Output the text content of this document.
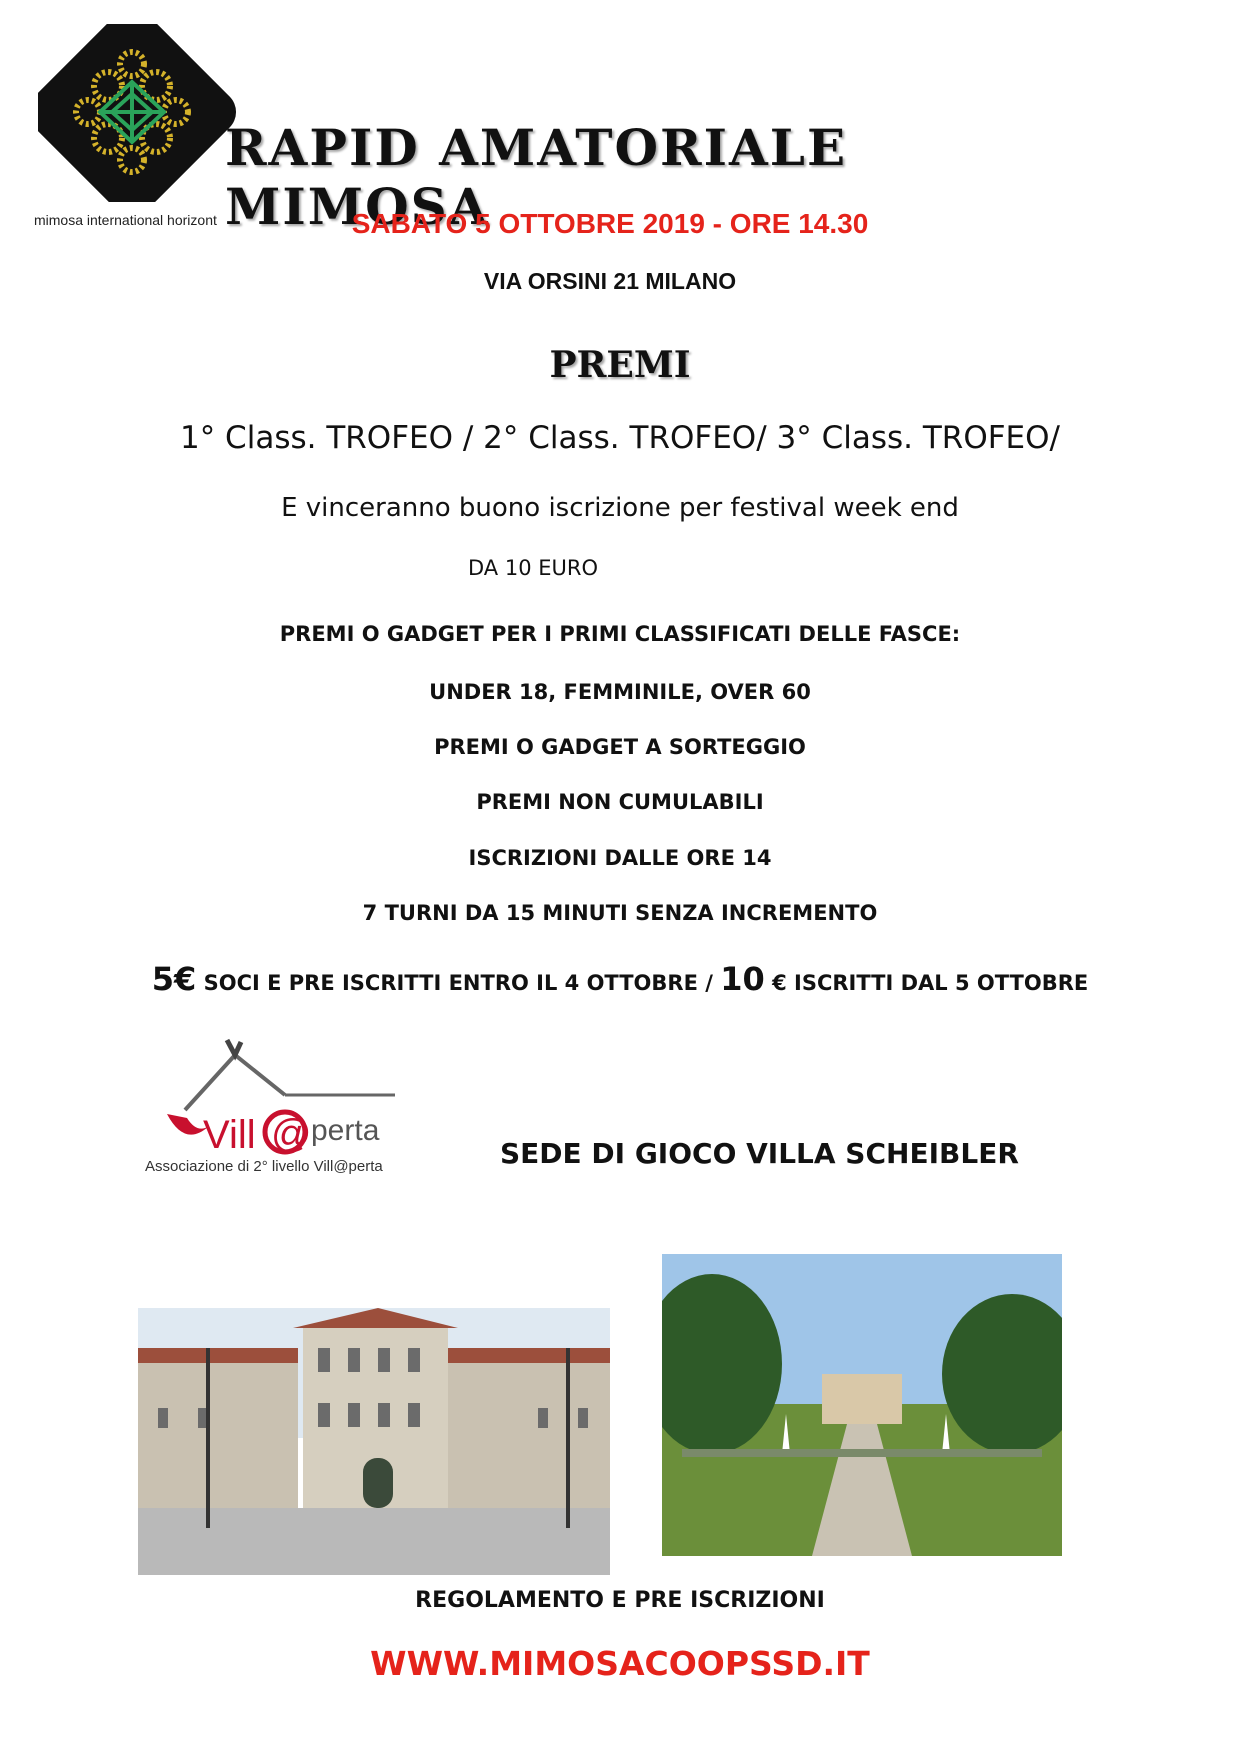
mimosa international horizont
RAPID AMATORIALE MIMOSA
SABATO 5 OTTOBRE 2019 - ORE 14.30
VIA ORSINI 21 MILANO
PREMI
1° Class. TROFEO / 2° Class. TROFEO/ 3° Class. TROFEO/
E vinceranno buono iscrizione per festival week end
DA 10 EURO
PREMI O GADGET PER I PRIMI CLASSIFICATI DELLE FASCE:
UNDER 18, FEMMINILE, OVER 60
PREMI O GADGET A SORTEGGIO
PREMI NON CUMULABILI
ISCRIZIONI DALLE ORE 14
7 TURNI DA 15 MINUTI SENZA INCREMENTO
5€ SOCI E PRE ISCRITTI ENTRO IL 4 OTTOBRE / 10 € ISCRITTI DAL 5 OTTOBRE
Vill @ perta
Associazione di 2° livello Vill@perta	SEDE DI GIOCO VILLA SCHEIBLER
REGOLAMENTO E PRE ISCRIZIONI
WWW.MIMOSACOOPSSD.IT
